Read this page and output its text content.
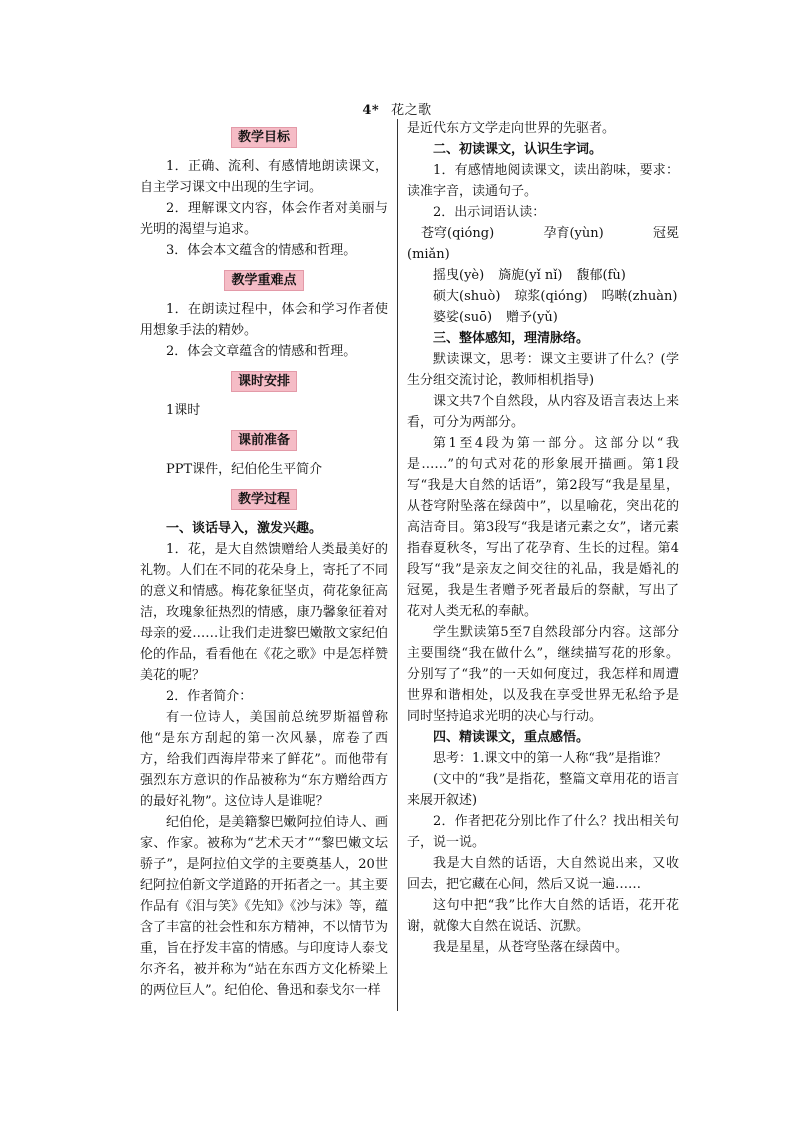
4* 花之歌
教学目标

1．正确、流利、有感情地朗读课文，自主学习课文中出现的生字词。

2．理解课文内容，体会作者对美丽与光明的渴望与追求。

3．体会本文蕴含的情感和哲理。

教学重难点

1．在朗读过程中，体会和学习作者使用想象手法的精妙。

2．体会文章蕴含的情感和哲理。

课时安排

1课时

课前准备

PPT课件，纪伯伦生平简介

教学过程

一、谈话导入，激发兴趣。

1．花，是大自然馈赠给人类最美好的礼物。人们在不同的花朵身上，寄托了不同的意义和情感。梅花象征坚贞，荷花象征高洁，玫瑰象征热烈的情感，康乃馨象征着对母亲的爱……让我们走进黎巴嫩散文家纪伯伦的作品，看看他在《花之歌》中是怎样赞美花的呢？

2．作者简介：

有一位诗人，美国前总统罗斯福曾称他“是东方刮起的第一次风暴，席卷了西方，给我们西海岸带来了鲜花”。而他带有强烈东方意识的作品被称为“东方赠给西方的最好礼物”。这位诗人是谁呢？

纪伯伦，是美籍黎巴嫩阿拉伯诗人、画家、作家。被称为“艺术天才”“黎巴嫩文坛骄子”，是阿拉伯文学的主要奠基人，20世纪阿拉伯新文学道路的开拓者之一。其主要作品有《泪与笑》《先知》《沙与沫》等，蕴含了丰富的社会性和东方精神，不以情节为重，旨在抒发丰富的情感。与印度诗人泰戈尔齐名，被并称为“站在东西方文化桥梁上的两位巨人”。纪伯伦、鲁迅和泰戈尔一样

是近代东方文学走向世界的先驱者。

二、初读课文，认识生字词。

1．有感情地阅读课文，读出韵味，要求：读准字音，读通句子。

2．出示词语认读：

苍穹(qióng)	孕育(yùn)	冠冕
(miǎn)
摇曳(yè) 旖旎(yǐ nǐ) 馥郁(fù)
硕大(shuò) 琼浆(qióng) 呜啭(zhuàn)
婆娑(suō) 赠予(yǔ)

三、整体感知，理清脉络。

默读课文，思考：课文主要讲了什么？(学生分组交流讨论，教师相机指导)

课文共7个自然段，从内容及语言表达上来看，可分为两部分。

第1至4段为第一部分。这部分以“我是……”的句式对花的形象展开描画。第1段写“我是大自然的话语”，第2段写“我是星星，从苍穹附坠落在绿茵中”，以星喻花，突出花的高洁奇目。第3段写“我是诸元素之女”，诸元素指春夏秋冬，写出了花孕育、生长的过程。第4段写“我”是亲友之间交往的礼品，我是婚礼的冠冕，我是生者赠予死者最后的祭献，写出了花对人类无私的奉献。

学生默读第5至7自然段部分内容。这部分主要围绕“我在做什么”，继续描写花的形象。分别写了“我”的一天如何度过，我怎样和周遭世界和谐相处，以及我在享受世界无私给予是同时坚持追求光明的决心与行动。

四、精读课文，重点感悟。

思考：1.课文中的第一人称“我”是指谁？

(文中的“我”是指花，整篇文章用花的语言来展开叙述)

2．作者把花分别比作了什么？找出相关句子，说一说。

我是大自然的话语，大自然说出来，又收回去，把它藏在心间，然后又说一遍……

这句中把“我”比作大自然的话语，花开花谢，就像大自然在说话、沉默。

我是星星，从苍穹坠落在绿茵中。
